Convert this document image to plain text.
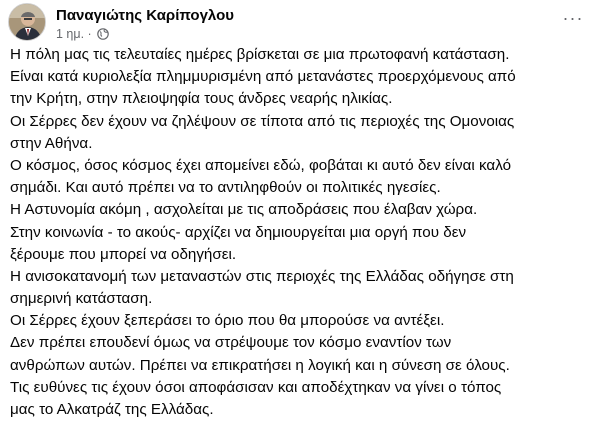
Παναγιώτης Καρίπογλου
1 ημ. ·
···
Η πόλη μας τις τελευταίες ημέρες βρίσκεται σε μια πρωτοφανή κατάσταση.
Είναι κατά κυριολεξία πλημμυρισμένη από μετανάστες προερχόμενους από
την Κρήτη, στην πλειοψηφία τους άνδρες νεαρής ηλικίας.
Οι Σέρρες δεν έχουν να ζηλέψουν σε τίποτα από τις περιοχές της Ομονοιας
στην Αθήνα.
Ο κόσμος, όσος κόσμος έχει απομείνει εδώ, φοβάται κι αυτό δεν είναι καλό
σημάδι. Και αυτό πρέπει να το αντιληφθούν οι πολιτικές ηγεσίες.
Η Αστυνομία ακόμη , ασχολείται με τις αποδράσεις που έλαβαν χώρα.
Στην κοινωνία - το ακούς- αρχίζει να δημιουργείται μια οργή που δεν
ξέρουμε που μπορεί να οδηγήσει.
Η ανισοκατανομή των μεταναστών στις περιοχές της Ελλάδας οδήγησε στη
σημερινή κατάσταση.
Οι Σέρρες έχουν ξεπεράσει το όριο που θα μπορούσε να αντέξει.
Δεν πρέπει επουδενί όμως να στρέψουμε τον κόσμο εναντίον των
ανθρώπων αυτών. Πρέπει να επικρατήσει η λογική και η σύνεση σε όλους.
Τις ευθύνες τις έχουν όσοι αποφάσισαν και αποδέχτηκαν να γίνει ο τόπος
μας το Αλκατράζ της Ελλάδας.
